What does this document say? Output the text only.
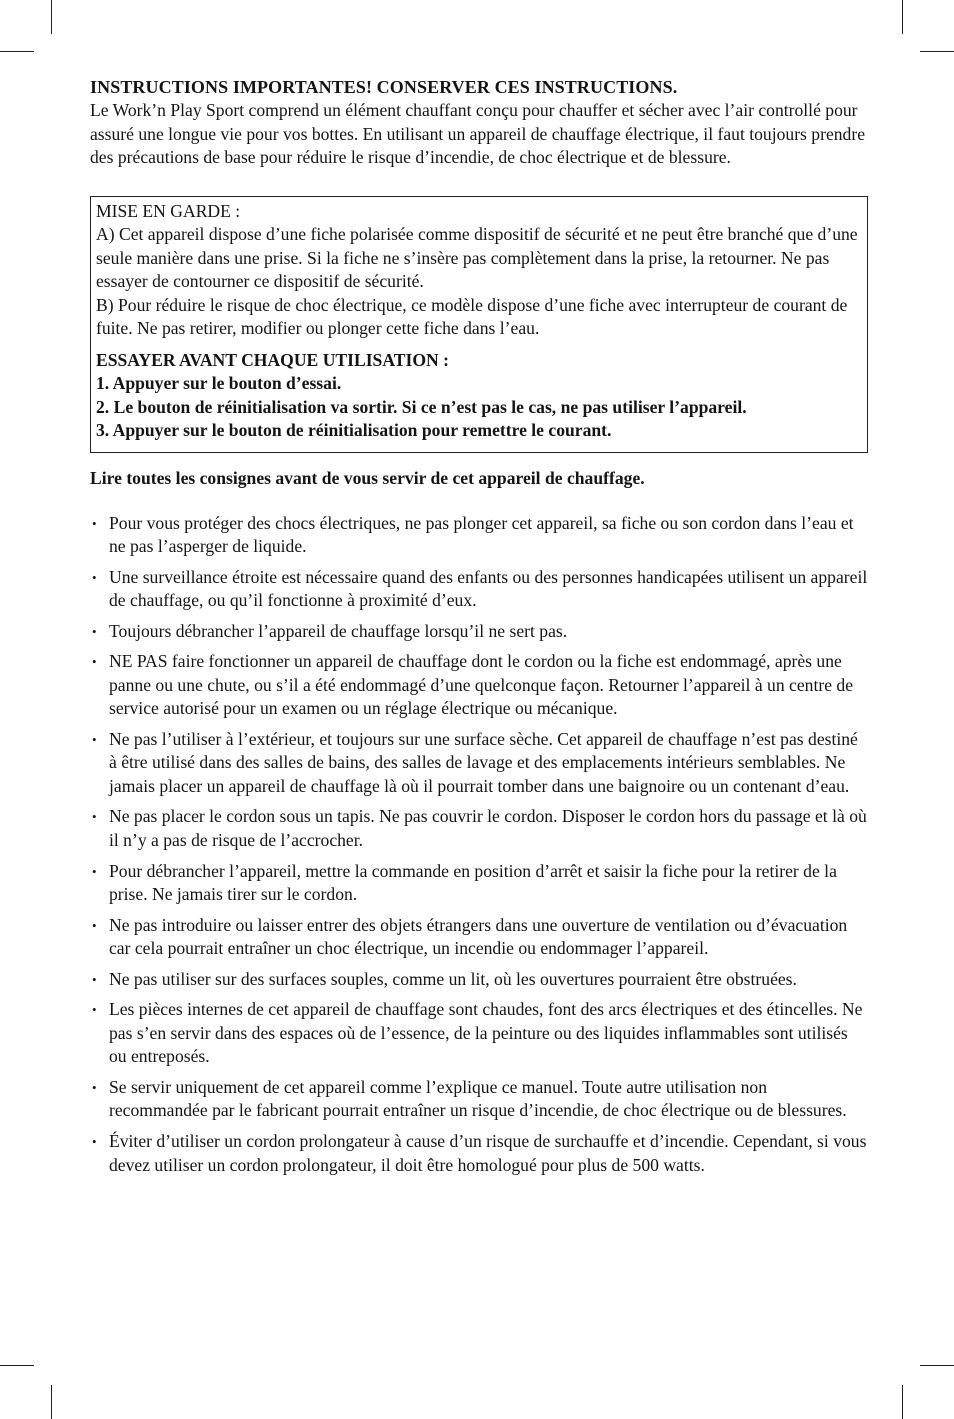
INSTRUCTIONS IMPORTANTES! CONSERVER CES INSTRUCTIONS.

Le Work’n Play Sport comprend un élément chauffant conçu pour chauffer et sécher avec l’air controllé pour assuré une longue vie pour vos bottes. En utilisant un appareil de chauffage électrique, il faut toujours prendre des précautions de base pour réduire le risque d’incendie, de choc électrique et de blessure.

MISE EN GARDE :

A) Cet appareil dispose d’une fiche polarisée comme dispositif de sécurité et ne peut être branché que d’une seule manière dans une prise. Si la fiche ne s’insère pas complètement dans la prise, la retourner. Ne pas essayer de contourner ce dispositif de sécurité.

B) Pour réduire le risque de choc électrique, ce modèle dispose d’une fiche avec interrupteur de courant de fuite. Ne pas retirer, modifier ou plonger cette fiche dans l’eau.

ESSAYER AVANT CHAQUE UTILISATION :

1. Appuyer sur le bouton d’essai.

2. Le bouton de réinitialisation va sortir. Si ce n’est pas le cas, ne pas utiliser l’appareil.

3. Appuyer sur le bouton de réinitialisation pour remettre le courant.

Lire toutes les consignes avant de vous servir de cet appareil de chauffage.
• Pour vous protéger des chocs électriques, ne pas plonger cet appareil, sa fiche ou son cordon dans l’eau et ne pas l’asperger de liquide.
• Une surveillance étroite est nécessaire quand des enfants ou des personnes handicapées utilisent un appareil de chauffage, ou qu’il fonctionne à proximité d’eux.
• Toujours débrancher l’appareil de chauffage lorsqu’il ne sert pas.
• NE PAS faire fonctionner un appareil de chauffage dont le cordon ou la fiche est endommagé, après une panne ou une chute, ou s’il a été endommagé d’une quelconque façon. Retourner l’appareil à un centre de service autorisé pour un examen ou un réglage électrique ou mécanique.
• Ne pas l’utiliser à l’extérieur, et toujours sur une surface sèche. Cet appareil de chauffage n’est pas destiné à être utilisé dans des salles de bains, des salles de lavage et des emplacements intérieurs semblables. Ne jamais placer un appareil de chauffage là où il pourrait tomber dans une baignoire ou un contenant d’eau.
• Ne pas placer le cordon sous un tapis. Ne pas couvrir le cordon. Disposer le cordon hors du passage et là où il n’y a pas de risque de l’accrocher.
• Pour débrancher l’appareil, mettre la commande en position d’arrêt et saisir la fiche pour la retirer de la prise. Ne jamais tirer sur le cordon.
• Ne pas introduire ou laisser entrer des objets étrangers dans une ouverture de ventilation ou d’évacuation car cela pourrait entraîner un choc électrique, un incendie ou endommager l’appareil.
• Ne pas utiliser sur des surfaces souples, comme un lit, où les ouvertures pourraient être obstruées.
• Les pièces internes de cet appareil de chauffage sont chaudes, font des arcs électriques et des étincelles. Ne pas s’en servir dans des espaces où de l’essence, de la peinture ou des liquides inflammables sont utilisés ou entreposés.
• Se servir uniquement de cet appareil comme l’explique ce manuel. Toute autre utilisation non recommandée par le fabricant pourrait entraîner un risque d’incendie, de choc électrique ou de blessures.
• Éviter d’utiliser un cordon prolongateur à cause d’un risque de surchauffe et d’incendie. Cependant, si vous devez utiliser un cordon prolongateur, il doit être homologué pour plus de 500 watts.
